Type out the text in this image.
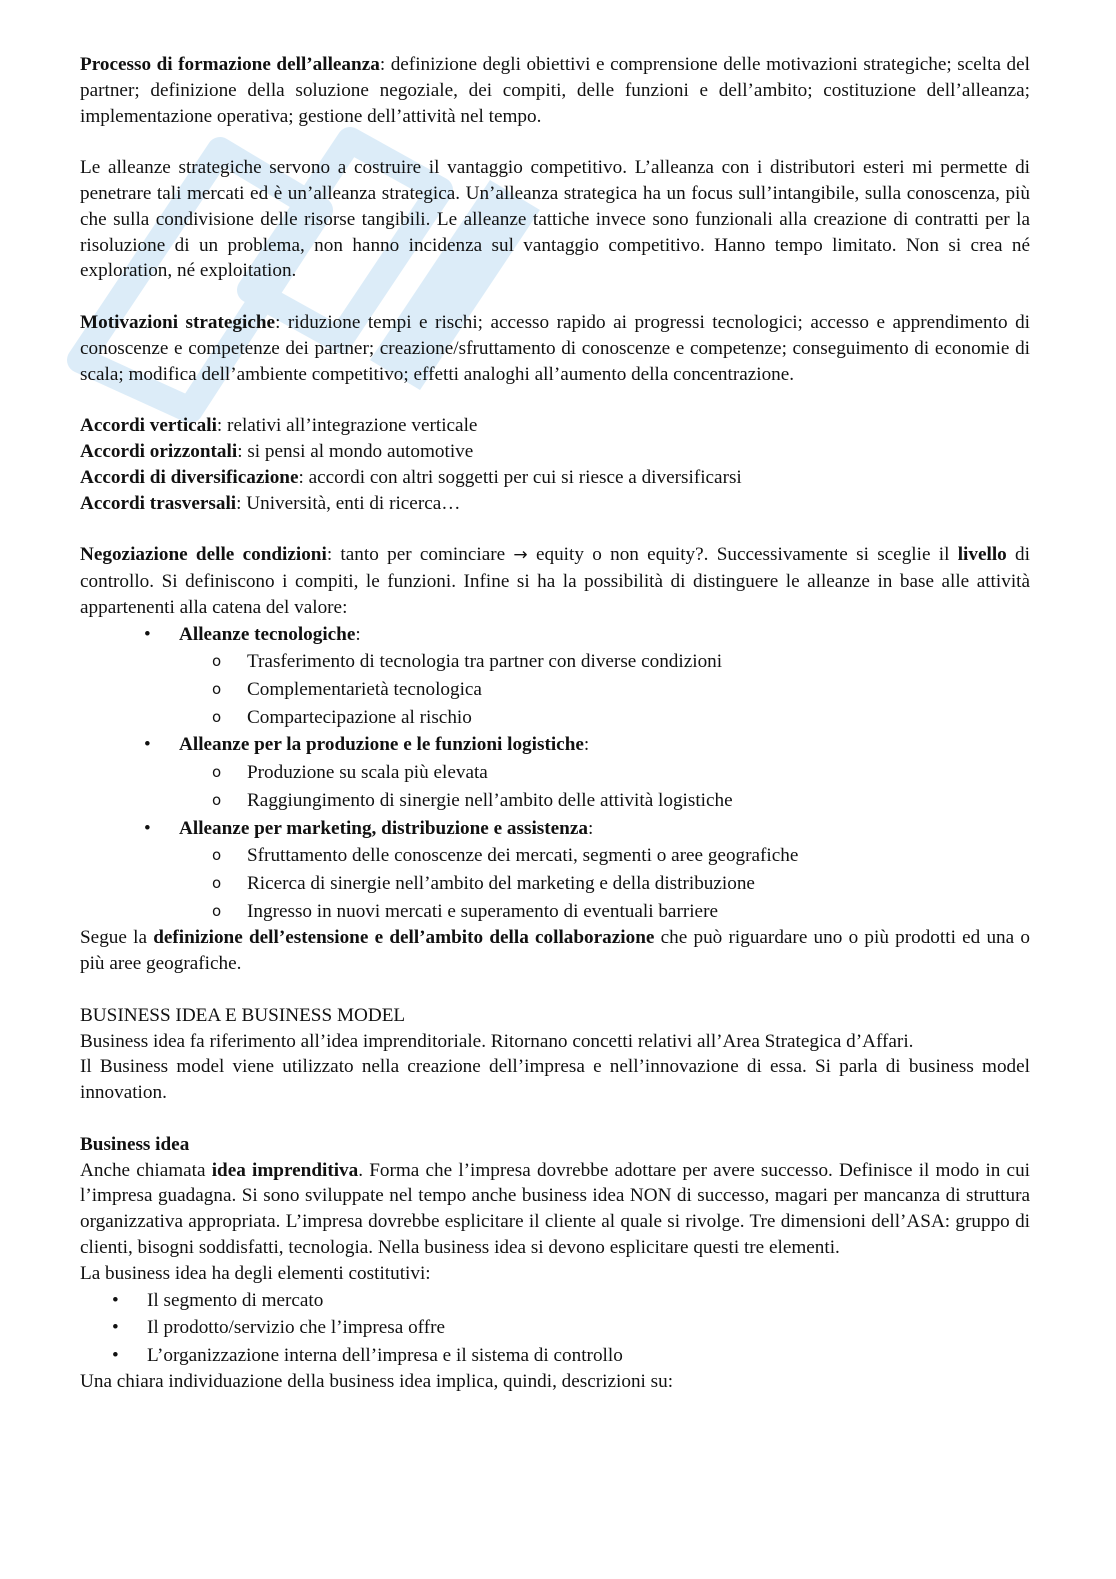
Processo di formazione dell’alleanza: definizione degli obiettivi e comprensione delle motivazioni strategiche; scelta del partner; definizione della soluzione negoziale, dei compiti, delle funzioni e dell’ambito; costituzione dell’alleanza; implementazione operativa; gestione dell’attività nel tempo.

Le alleanze strategiche servono a costruire il vantaggio competitivo. L’alleanza con i distributori esteri mi permette di penetrare tali mercati ed è un’alleanza strategica. Un’alleanza strategica ha un focus sull’intangibile, sulla conoscenza, più che sulla condivisione delle risorse tangibili. Le alleanze tattiche invece sono funzionali alla creazione di contratti per la risoluzione di un problema, non hanno incidenza sul vantaggio competitivo. Hanno tempo limitato. Non si crea né exploration, né exploitation.

Motivazioni strategiche: riduzione tempi e rischi; accesso rapido ai progressi tecnologici; accesso e apprendimento di conoscenze e competenze dei partner; creazione/sfruttamento di conoscenze e competenze; conseguimento di economie di scala; modifica dell’ambiente competitivo; effetti analoghi all’aumento della concentrazione.

Accordi verticali: relativi all’integrazione verticale

Accordi orizzontali: si pensi al mondo automotive

Accordi di diversificazione: accordi con altri soggetti per cui si riesce a diversificarsi

Accordi trasversali: Università, enti di ricerca…

Negoziazione delle condizioni: tanto per cominciare → equity o non equity?. Successivamente si sceglie il livello di controllo. Si definiscono i compiti, le funzioni. Infine si ha la possibilità di distinguere le alleanze in base alle attività appartenenti alla catena del valore:

• Alleanze tecnologiche:
o Trasferimento di tecnologia tra partner con diverse condizioni
o Complementarietà tecnologica
o Compartecipazione al rischio
• Alleanze per la produzione e le funzioni logistiche:
o Produzione su scala più elevata
o Raggiungimento di sinergie nell’ambito delle attività logistiche
• Alleanze per marketing, distribuzione e assistenza:
o Sfruttamento delle conoscenze dei mercati, segmenti o aree geografiche
o Ricerca di sinergie nell’ambito del marketing e della distribuzione
o Ingresso in nuovi mercati e superamento di eventuali barriere

Segue la definizione dell’estensione e dell’ambito della collaborazione che può riguardare uno o più prodotti ed una o più aree geografiche.

BUSINESS IDEA E BUSINESS MODEL

Business idea fa riferimento all’idea imprenditoriale. Ritornano concetti relativi all’Area Strategica d’Affari.

Il Business model viene utilizzato nella creazione dell’impresa e nell’innovazione di essa. Si parla di business model innovation.

Business idea

Anche chiamata idea imprenditiva. Forma che l’impresa dovrebbe adottare per avere successo. Definisce il modo in cui l’impresa guadagna. Si sono sviluppate nel tempo anche business idea NON di successo, magari per mancanza di struttura organizzativa appropriata. L’impresa dovrebbe esplicitare il cliente al quale si rivolge. Tre dimensioni dell’ASA: gruppo di clienti, bisogni soddisfatti, tecnologia. Nella business idea si devono esplicitare questi tre elementi.

La business idea ha degli elementi costitutivi:

• Il segmento di mercato
• Il prodotto/servizio che l’impresa offre
• L’organizzazione interna dell’impresa e il sistema di controllo

Una chiara individuazione della business idea implica, quindi, descrizioni su:
